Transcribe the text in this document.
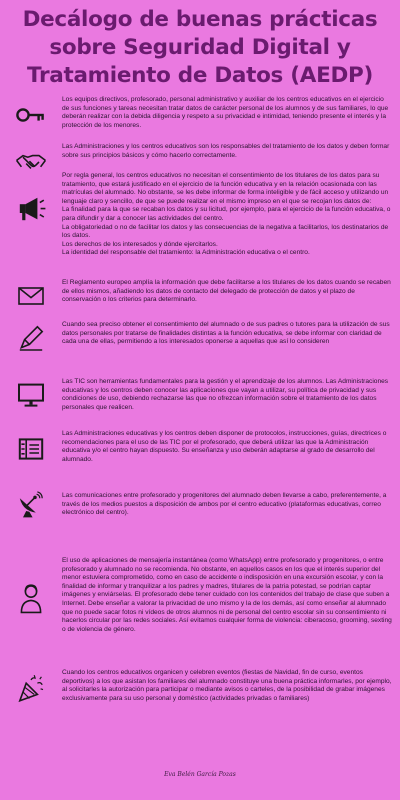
Decálogo de buenas prácticas sobre Seguridad Digital y Tratamiento de Datos (AEDP)

Los equipos directivos, profesorado, personal administrativo y auxiliar de los centros educativos en el ejercicio de sus funciones y tareas necesitan tratar datos de carácter personal de los alumnos y de sus familiares, lo que deberán realizar con la debida diligencia y respeto a su privacidad e intimidad, teniendo presente el interés y la protección de los menores.

Las Administraciones y los centros educativos son los responsables del tratamiento de los datos y deben formar sobre sus principios básicos y cómo hacerlo correctamente.

Por regla general, los centros educativos no necesitan el consentimiento de los titulares de los datos para su tratamiento, que estará justificado en el ejercicio de la función educativa y en la relación ocasionada con las matrículas del alumnado. No obstante, se les debe informar de forma inteligible y de fácil acceso y utilizando un lenguaje claro y sencillo, de que se puede realizar en el mismo impreso en el que se recojan los datos de:

La finalidad para la que se recaban los datos y su licitud, por ejemplo, para el ejercicio de la función educativa, o para difundir y dar a conocer las actividades del centro.

La obligatoriedad o no de facilitar los datos y las consecuencias de la negativa a facilitarlos, los destinatarios de los datos.

Los derechos de los interesados y dónde ejercitarlos.

La identidad del responsable del tratamiento: la Administración educativa o el centro.

El Reglamento europeo amplía la información que debe facilitarse a los titulares de los datos cuando se recaben de ellos mismos, añadiendo los datos de contacto del delegado de protección de datos y el plazo de conservación o los criterios para determinarlo.

Cuando sea preciso obtener el consentimiento del alumnado o de sus padres o tutores para la utilización de sus datos personales por tratarse de finalidades distintas a la función educativa, se debe informar con claridad de cada una de ellas, permitiendo a los interesados oponerse a aquellas que así lo consideren

Las TIC son herramientas fundamentales para la gestión y el aprendizaje de los alumnos. Las Administraciones educativas y los centros deben conocer las aplicaciones que vayan a utilizar, su política de privacidad y sus condiciones de uso, debiendo rechazarse las que no ofrezcan información sobre el tratamiento de los datos personales que realicen.

Las Administraciones educativas y los centros deben disponer de protocolos, instrucciones, guías, directrices o recomendaciones para el uso de las TIC por el profesorado, que deberá utilizar las que la Administración educativa y/o el centro hayan dispuesto. Su enseñanza y uso deberán adaptarse al grado de desarrollo del alumnado.

Las comunicaciones entre profesorado y progenitores del alumnado deben llevarse a cabo, preferentemente, a través de los medios puestos a disposición de ambos por el centro educativo (plataformas educativas, correo electrónico del centro).

El uso de aplicaciones de mensajería instantánea (como WhatsApp) entre profesorado y progenitores, o entre profesorado y alumnado no se recomienda. No obstante, en aquellos casos en los que el interés superior del menor estuviera comprometido, como en caso de accidente o indisposición en una excursión escolar, y con la finalidad de informar y tranquilizar a los padres y madres, titulares de la patria potestad, se podrían captar imágenes y enviárselas. El profesorado debe tener cuidado con los contenidos del trabajo de clase que suben a Internet. Debe enseñar a valorar la privacidad de uno mismo y la de los demás, así como enseñar al alumnado que no puede sacar fotos ni vídeos de otros alumnos ni de personal del centro escolar sin su consentimiento ni hacerlos circular por las redes sociales. Así evitamos cualquier forma de violencia: ciberacoso, grooming, sexting o de violencia de género.

Cuando los centros educativos organicen y celebren eventos (fiestas de Navidad, fin de curso, eventos deportivos) a los que asistan los familiares del alumnado constituye una buena práctica informarles, por ejemplo, al solicitarles la autorización para participar o mediante avisos o carteles, de la posibilidad de grabar imágenes exclusivamente para su uso personal y doméstico (actividades privadas o familiares)

Eva Belén García Pozas
